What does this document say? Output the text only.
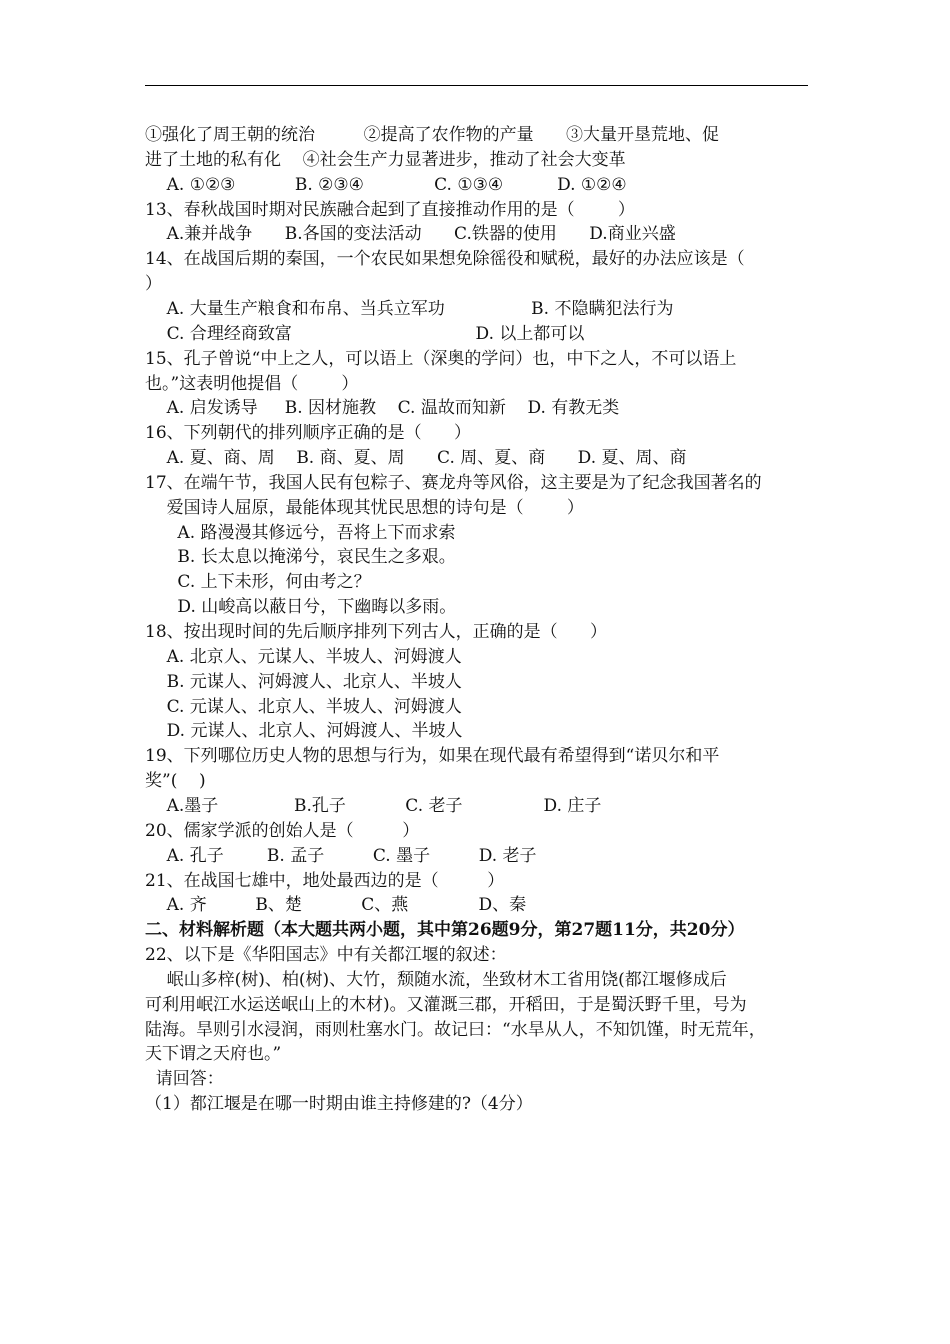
①强化了周王朝的统治         ②提高了农作物的产量      ③大量开垦荒地、促
进了土地的私有化    ④社会生产力显著进步，推动了社会大变革
A. ①②③           B. ②③④             C. ①③④          D. ①②④
13、春秋战国时期对民族融合起到了直接推动作用的是（        ）
A.兼并战争      B.各国的变法活动      C.铁器的使用      D.商业兴盛
14、在战国后期的秦国，一个农民如果想免除徭役和赋税，最好的办法应该是（
）
A. 大量生产粮食和布帛、当兵立军功                B. 不隐瞒犯法行为
C. 合理经商致富                                  D. 以上都可以
15、孔子曾说“中上之人，可以语上（深奥的学问）也，中下之人，不可以语上
也。”这表明他提倡（        ）
A. 启发诱导     B. 因材施教    C. 温故而知新    D. 有教无类
16、下列朝代的排列顺序正确的是（      ）
A. 夏、商、周    B. 商、夏、周      C. 周、夏、商      D. 夏、周、商
17、在端午节，我国人民有包粽子、赛龙舟等风俗，这主要是为了纪念我国著名的
爱国诗人屈原，最能体现其忧民思想的诗句是（        ）
A. 路漫漫其修远兮，吾将上下而求索
B. 长太息以掩涕兮，哀民生之多艰。
C. 上下未形，何由考之？
D. 山峻高以蔽日兮，下幽晦以多雨。
18、按出现时间的先后顺序排列下列古人，正确的是（      ）
A. 北京人、元谋人、半坡人、河姆渡人
B. 元谋人、河姆渡人、北京人、半坡人
C. 元谋人、北京人、半坡人、河姆渡人
D. 元谋人、北京人、河姆渡人、半坡人
19、下列哪位历史人物的思想与行为，如果在现代最有希望得到“诺贝尔和平
奖”(    )
A.墨子              B.孔子           C. 老子               D. 庄子
20、儒家学派的创始人是（         ）
A. 孔子        B. 孟子         C. 墨子         D. 老子
21、在战国七雄中，地处最西边的是（         ）
A. 齐         B、楚           C、燕             D、秦
二、材料解析题（本大题共两小题，其中第26题9分，第27题11分，共20分）
22、以下是《华阳国志》中有关都江堰的叙述：
岷山多梓(树)、柏(树)、大竹，颓随水流，坐致材木工省用饶(都江堰修成后
可利用岷江水运送岷山上的木材)。又灌溉三郡，开稻田，于是蜀沃野千里，号为
陆海。旱则引水浸润，雨则杜塞水门。故记曰：“水旱从人，不知饥馑，时无荒年，
天下谓之天府也。”
请回答：
（1）都江堰是在哪一时期由谁主持修建的?（4分）
